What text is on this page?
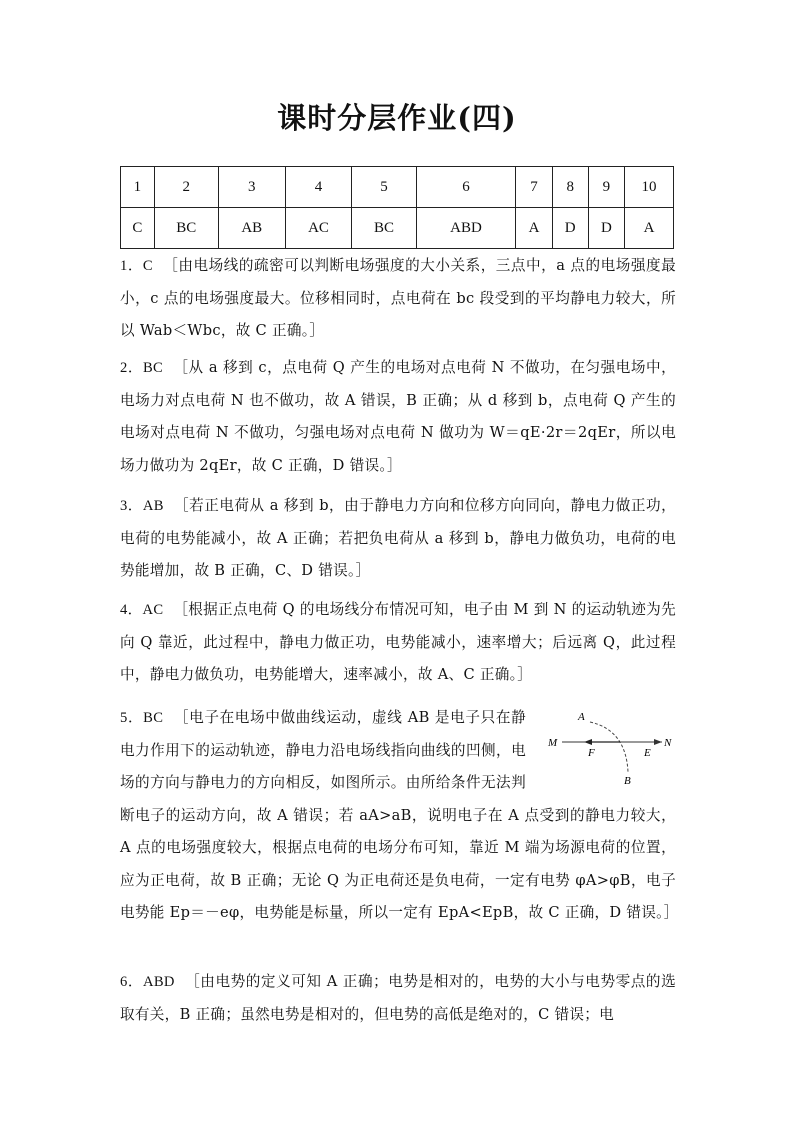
课时分层作业(四)
1	2	3	4	5	6	7	8	9	10
C	BC	AB	AC	BC	ABD	A	D	D	A
1．C ［由电场线的疏密可以判断电场强度的大小关系，三点中，a 点的电场强度最小，c 点的电场强度最大。位移相同时，点电荷在 bc 段受到的平均静电力较大，所以 Wab＜Wbc，故 C 正确。］
2．BC ［从 a 移到 c，点电荷 Q 产生的电场对点电荷 N 不做功，在匀强电场中，电场力对点电荷 N 也不做功，故 A 错误，B 正确；从 d 移到 b，点电荷 Q 产生的电场对点电荷 N 不做功，匀强电场对点电荷 N 做功为 W＝qE·2r＝2qEr，所以电场力做功为 2qEr，故 C 正确，D 错误。］
3．AB ［若正电荷从 a 移到 b，由于静电力方向和位移方向同向，静电力做正功，电荷的电势能减小，故 A 正确；若把负电荷从 a 移到 b，静电力做负功，电荷的电势能增加，故 B 正确，C、D 错误。］
4．AC ［根据正点电荷 Q 的电场线分布情况可知，电子由 M 到 N 的运动轨迹为先向 Q 靠近，此过程中，静电力做正功，电势能减小，速率增大；后远离 Q，此过程中，静电力做负功，电势能增大，速率减小，故 A、C 正确。］
5．BC ［电子在电场中做曲线运动，虚线 AB 是电子只在静电力作用下的运动轨迹，静电力沿电场线指向曲线的凹侧，电场的方向与静电力的方向相反，如图所示。由所给条件无法判断电子的运动方向，故 A 错误；若 aA>aB，说明电子在 A 点受到的静电力较大，A 点的电场强度较大，根据点电荷的电场分布可知，靠近 M 端为场源电荷的位置，应为正电荷，故 B 正确；无论 Q 为正电荷还是负电荷，一定有电势 φA>φB，电子电势能 Ep＝－eφ，电势能是标量，所以一定有 EpA<EpB，故 C 正确，D 错误。］
A
B
M	N
E
F
6．ABD ［由电势的定义可知 A 正确；电势是相对的，电势的大小与电势零点的选取有关，B 正确；虽然电势是相对的，但电势的高低是绝对的，C 错误；电
